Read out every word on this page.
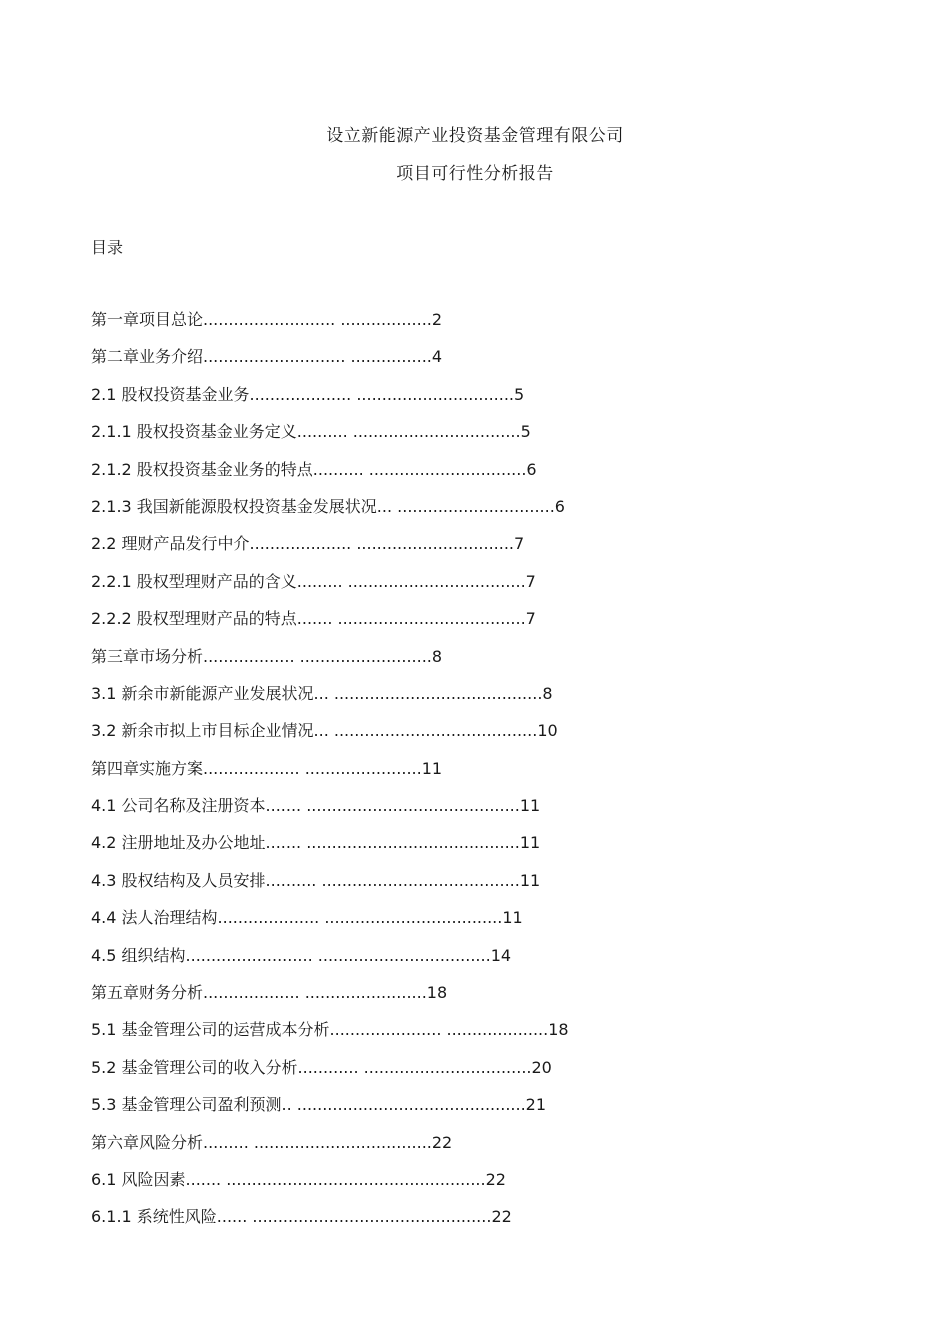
设立新能源产业投资基金管理有限公司
项目可行性分析报告
目录
第一章项目总论.......................... ..................2
第二章业务介绍............................ ................4
2.1 股权投资基金业务.................... ...............................5
2.1.1 股权投资基金业务定义.......... .................................5
2.1.2 股权投资基金业务的特点.......... ...............................6
2.1.3 我国新能源股权投资基金发展状况... ...............................6
2.2 理财产品发行中介.................... ...............................7
2.2.1 股权型理财产品的含义......... ...................................7
2.2.2 股权型理财产品的特点....... .....................................7
第三章市场分析.................. ..........................8
3.1 新余市新能源产业发展状况... .........................................8
3.2 新余市拟上市目标企业情况... ........................................10
第四章实施方案................... .......................11
4.1 公司名称及注册资本....... ..........................................11
4.2 注册地址及办公地址....... ..........................................11
4.3 股权结构及人员安排.......... .......................................11
4.4 法人治理结构.................... ...................................11
4.5 组织结构......................... ..................................14
第五章财务分析................... ........................18
5.1 基金管理公司的运营成本分析...................... ....................18
5.2 基金管理公司的收入分析............ .................................20
5.3 基金管理公司盈利预测.. .............................................21
第六章风险分析......... ...................................22
6.1 风险因素....... ...................................................22
6.1.1 系统性风险...... ...............................................22
